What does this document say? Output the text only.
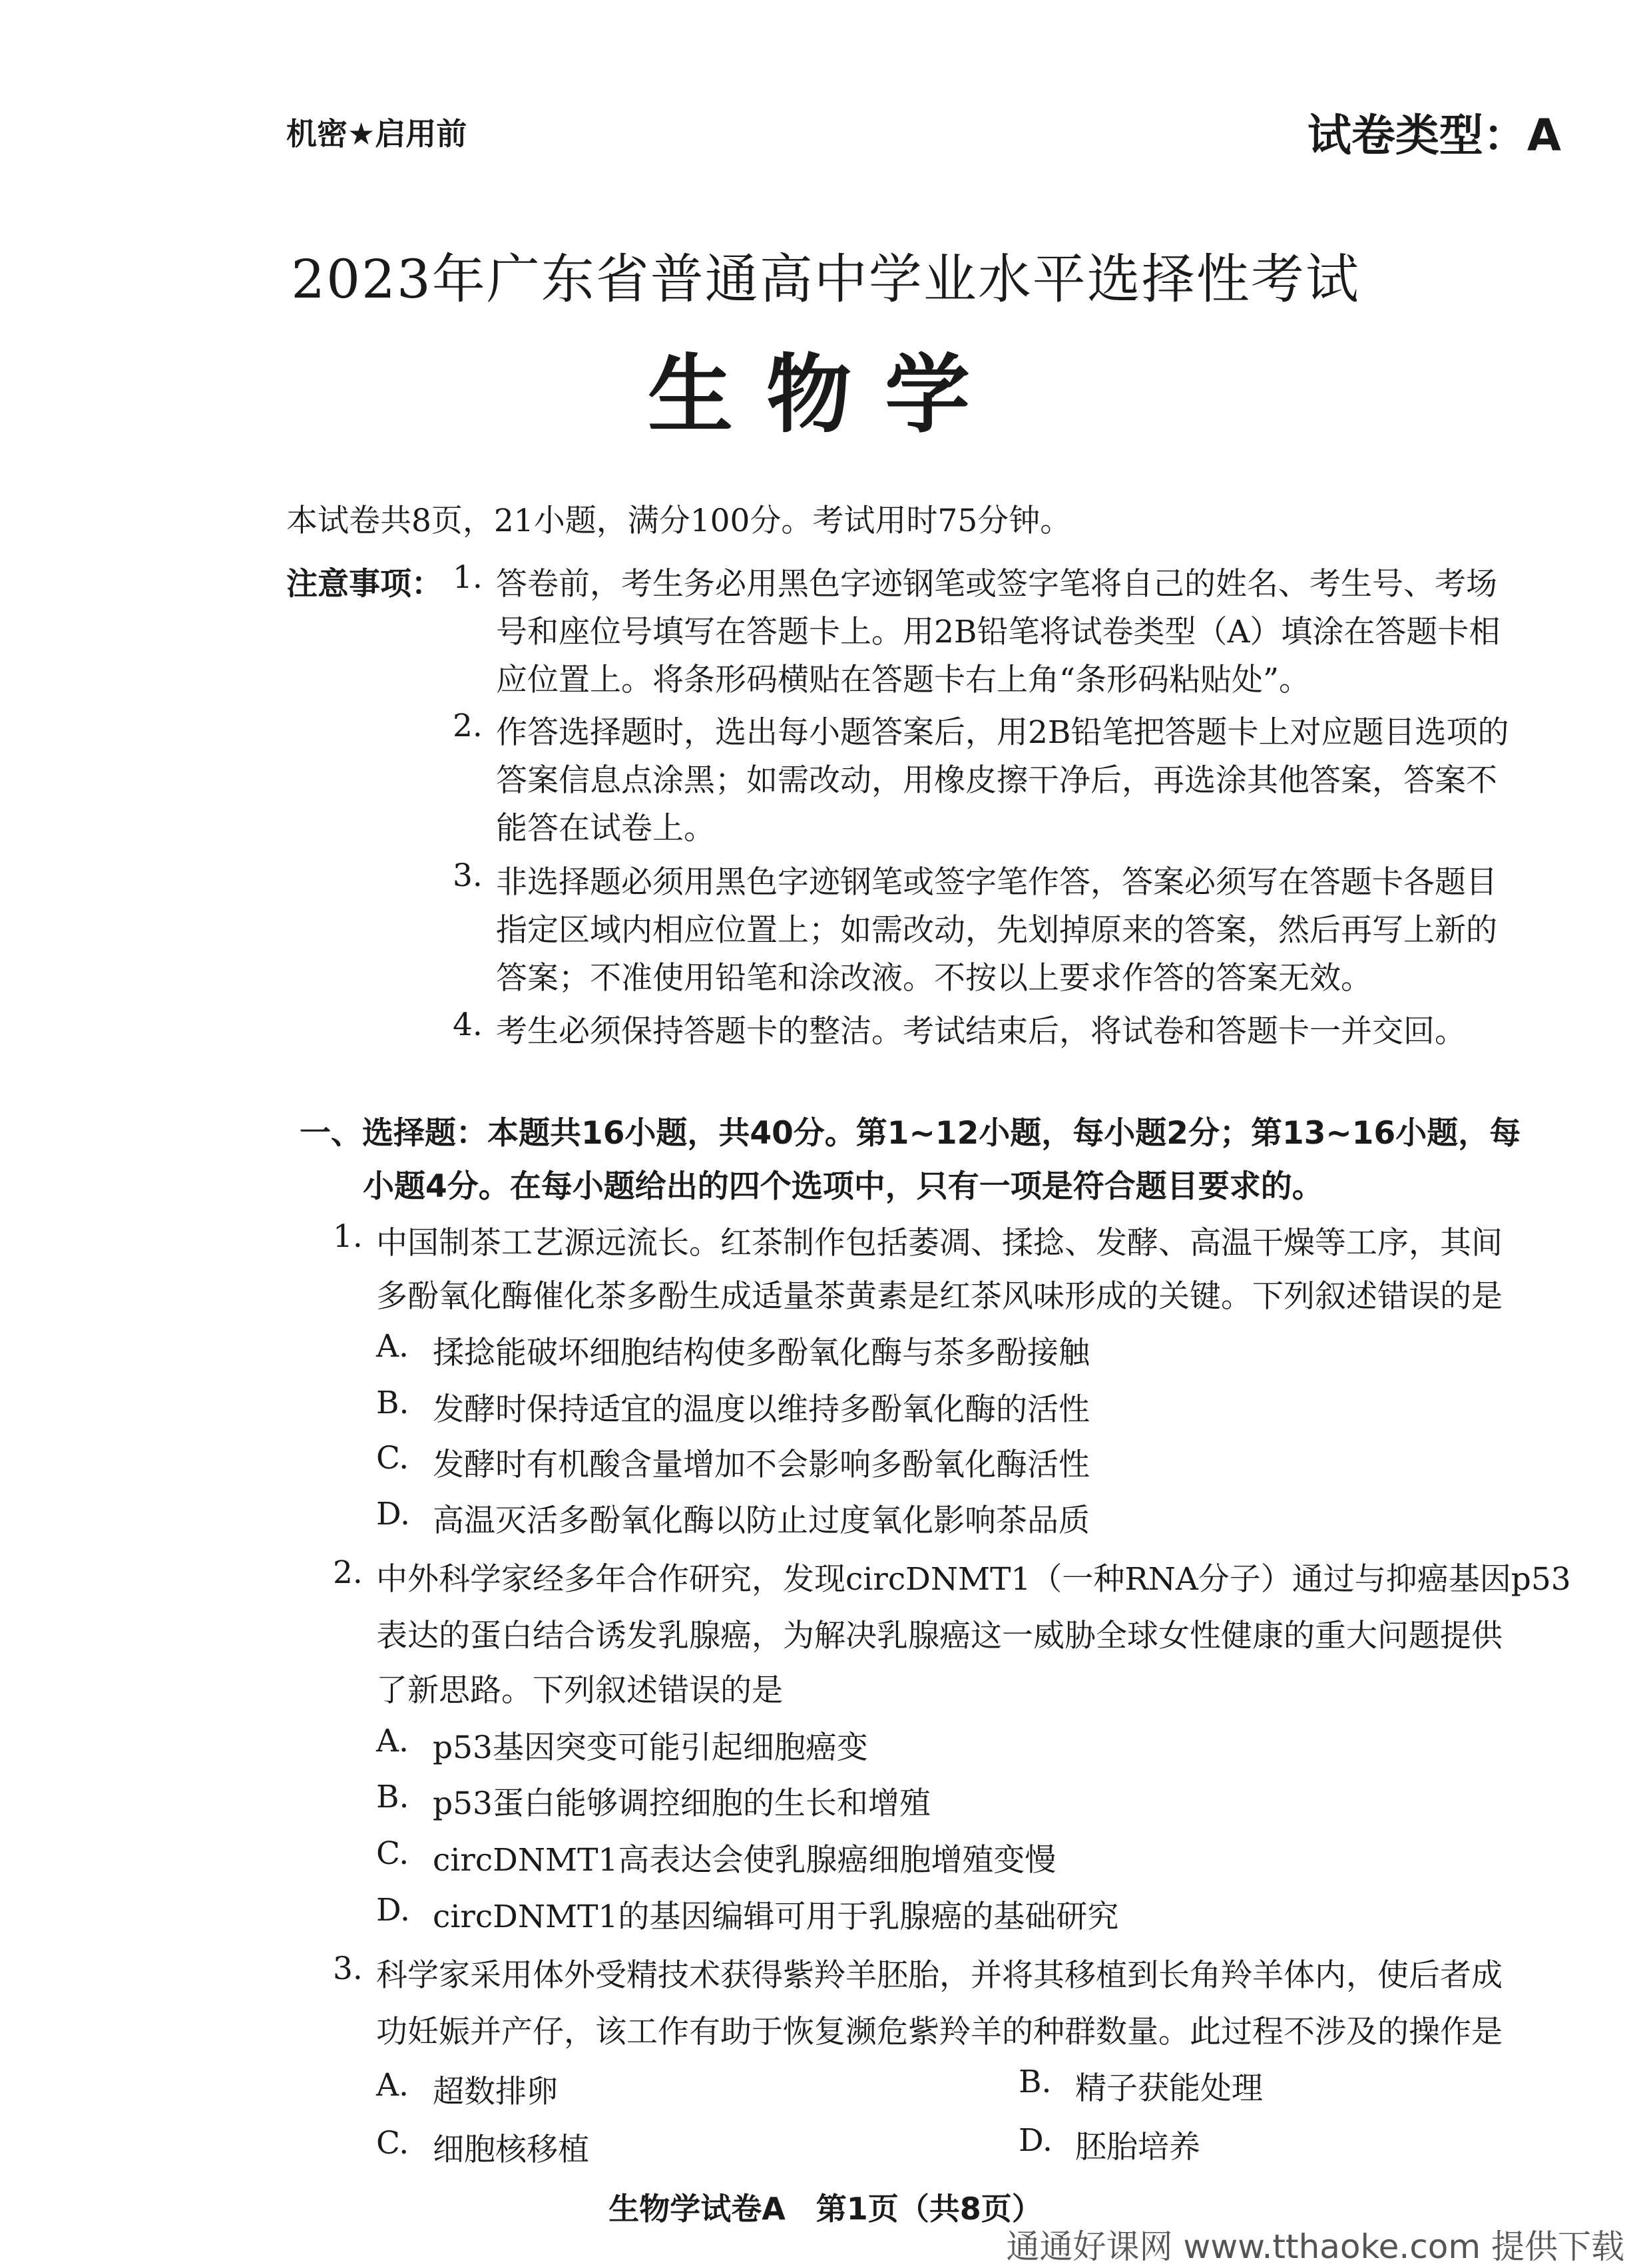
机密★启用前	试卷类型：A
2023年广东省普通高中学业水平选择性考试
生物学
本试卷共8页，21小题，满分100分。考试用时75分钟。
注意事项： 1. 答卷前，考生务必用黑色字迹钢笔或签字笔将自己的姓名、考生号、考场
号和座位号填写在答题卡上。用2B铅笔将试卷类型（A）填涂在答题卡相
应位置上。将条形码横贴在答题卡右上角“条形码粘贴处”。
2. 作答选择题时，选出每小题答案后，用2B铅笔把答题卡上对应题目选项的
答案信息点涂黑；如需改动，用橡皮擦干净后，再选涂其他答案，答案不
能答在试卷上。
3. 非选择题必须用黑色字迹钢笔或签字笔作答，答案必须写在答题卡各题目
指定区域内相应位置上；如需改动，先划掉原来的答案，然后再写上新的
答案；不准使用铅笔和涂改液。不按以上要求作答的答案无效。
4. 考生必须保持答题卡的整洁。考试结束后，将试卷和答题卡一并交回。
一、选择题：本题共16小题，共40分。第1~12小题，每小题2分；第13~16小题，每
小题4分。在每小题给出的四个选项中，只有一项是符合题目要求的。
1. 中国制茶工艺源远流长。红茶制作包括萎凋、揉捻、发酵、高温干燥等工序，其间
多酚氧化酶催化茶多酚生成适量茶黄素是红茶风味形成的关键。下列叙述错误的是
A. 揉捻能破坏细胞结构使多酚氧化酶与茶多酚接触
B. 发酵时保持适宜的温度以维持多酚氧化酶的活性
C. 发酵时有机酸含量增加不会影响多酚氧化酶活性
D. 高温灭活多酚氧化酶以防止过度氧化影响茶品质
2. 中外科学家经多年合作研究，发现circDNMT1（一种RNA分子）通过与抑癌基因p53
表达的蛋白结合诱发乳腺癌，为解决乳腺癌这一威胁全球女性健康的重大问题提供
了新思路。下列叙述错误的是
A. p53基因突变可能引起细胞癌变
B. p53蛋白能够调控细胞的生长和增殖
C. circDNMT1高表达会使乳腺癌细胞增殖变慢
D. circDNMT1的基因编辑可用于乳腺癌的基础研究
3. 科学家采用体外受精技术获得紫羚羊胚胎，并将其移植到长角羚羊体内，使后者成
功妊娠并产仔，该工作有助于恢复濒危紫羚羊的种群数量。此过程不涉及的操作是
A. 超数排卵	B. 精子获能处理
C. 细胞核移植	D. 胚胎培养
生物学试卷A　第1页（共8页）
通通好课网 www.tthaoke.com 提供下载
